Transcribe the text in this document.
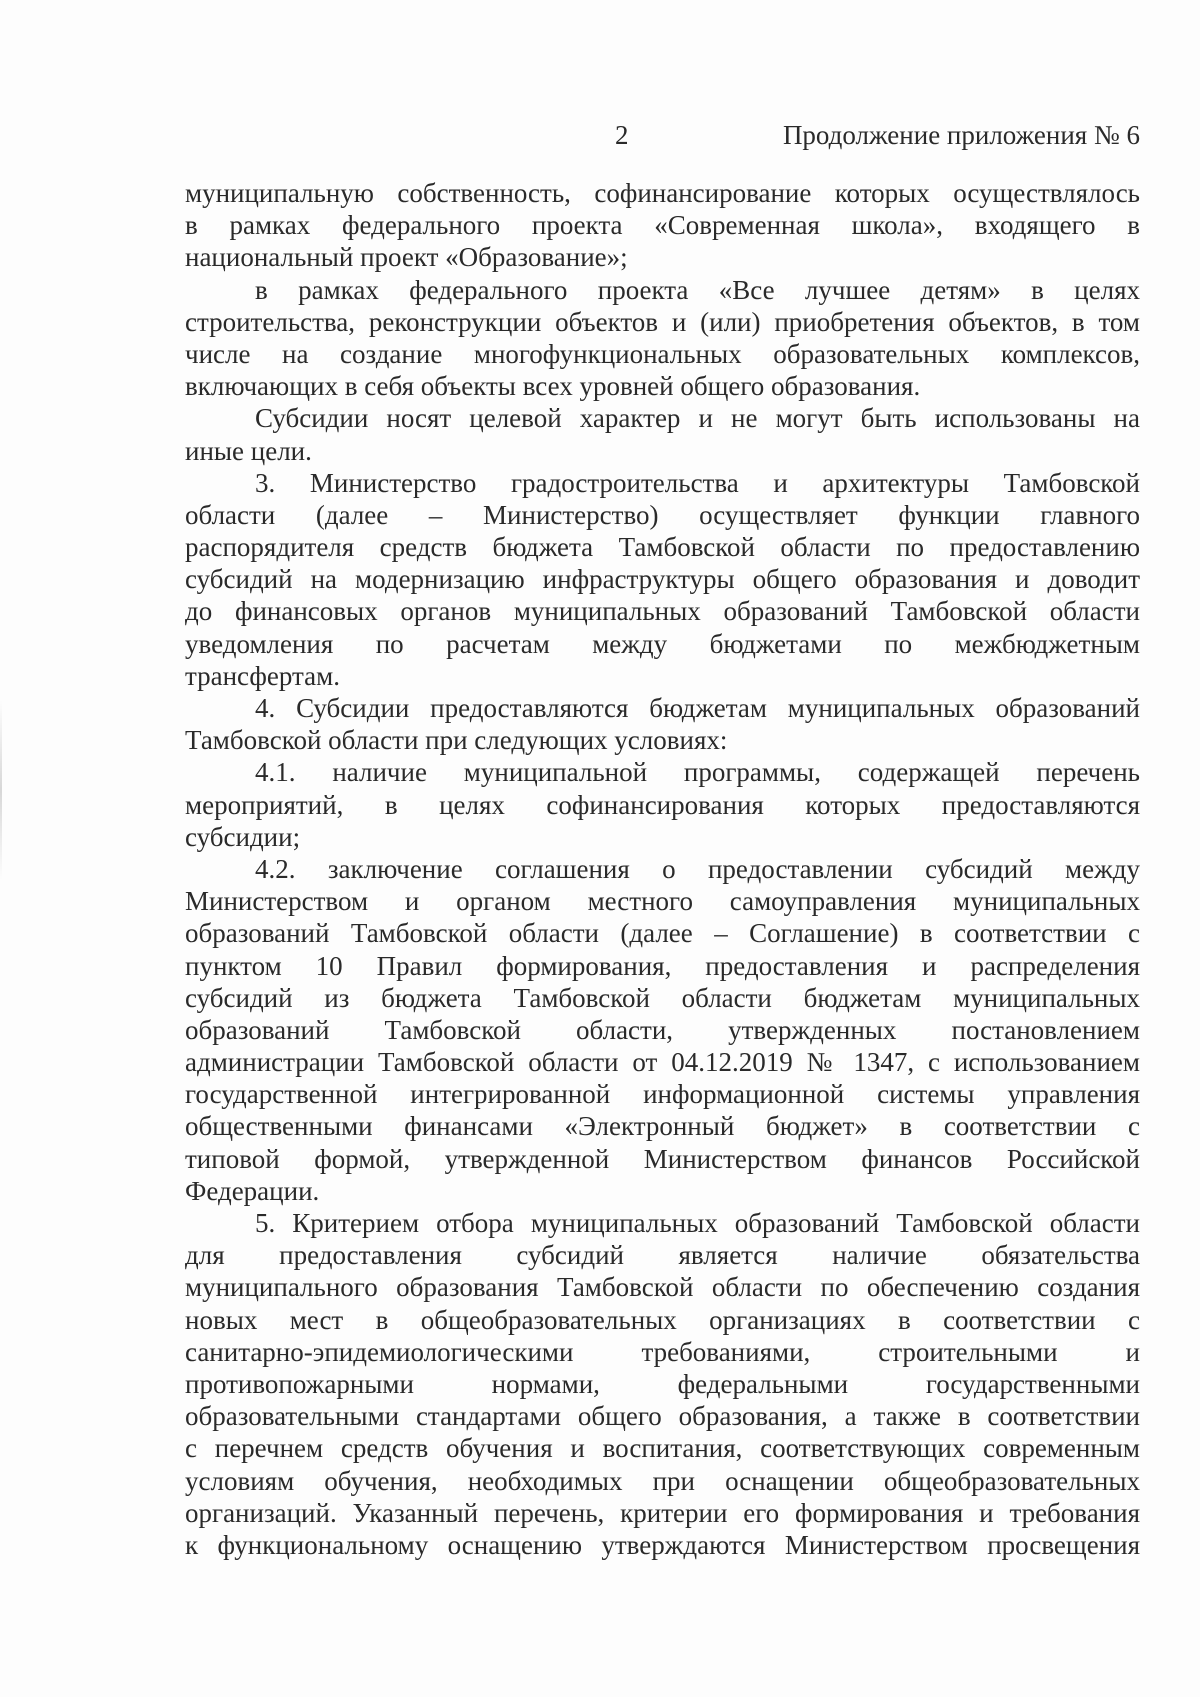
2	Продолжение приложения № 6
муниципальную собственность, софинансирование которых осуществлялось
в рамках федерального проекта «Современная школа», входящего в
национальный проект «Образование»;
в рамках федерального проекта «Все лучшее детям» в целях
строительства, реконструкции объектов и (или) приобретения объектов, в том
числе на создание многофункциональных образовательных комплексов,
включающих в себя объекты всех уровней общего образования.
Субсидии носят целевой характер и не могут быть использованы на
иные цели.
3. Министерство градостроительства и архитектуры Тамбовской
области (далее – Министерство) осуществляет функции главного
распорядителя средств бюджета Тамбовской области по предоставлению
субсидий на модернизацию инфраструктуры общего образования и доводит
до финансовых органов муниципальных образований Тамбовской области
уведомления по расчетам между бюджетами по межбюджетным
трансфертам.
4. Субсидии предоставляются бюджетам муниципальных образований
Тамбовской области при следующих условиях:
4.1. наличие муниципальной программы, содержащей перечень
мероприятий, в целях софинансирования которых предоставляются
субсидии;
4.2. заключение соглашения о предоставлении субсидий между
Министерством и органом местного самоуправления муниципальных
образований Тамбовской области (далее – Соглашение) в соответствии с
пунктом 10 Правил формирования, предоставления и распределения
субсидий из бюджета Тамбовской области бюджетам муниципальных
образований Тамбовской области, утвержденных постановлением
администрации Тамбовской области от 04.12.2019 № 1347, с использованием
государственной интегрированной информационной системы управления
общественными финансами «Электронный бюджет» в соответствии с
типовой формой, утвержденной Министерством финансов Российской
Федерации.
5. Критерием отбора муниципальных образований Тамбовской области
для предоставления субсидий является наличие обязательства
муниципального образования Тамбовской области по обеспечению создания
новых мест в общеобразовательных организациях в соответствии с
санитарно-эпидемиологическими требованиями, строительными и
противопожарными нормами, федеральными государственными
образовательными стандартами общего образования, а также в соответствии
с перечнем средств обучения и воспитания, соответствующих современным
условиям обучения, необходимых при оснащении общеобразовательных
организаций. Указанный перечень, критерии его формирования и требования
к функциональному оснащению утверждаются Министерством просвещения
